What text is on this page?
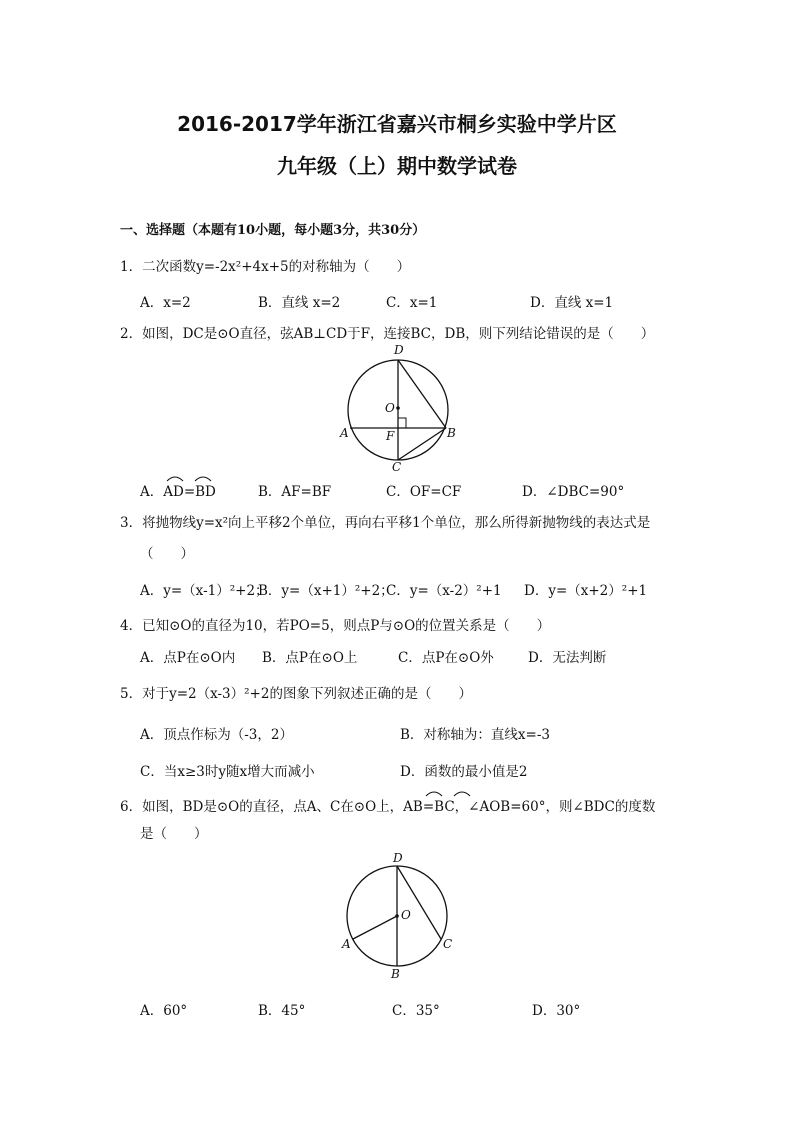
2016-2017学年浙江省嘉兴市桐乡实验中学片区
九年级（上）期中数学试卷
一、选择题（本题有10小题，每小题3分，共30分）
1．二次函数y=-2x²+4x+5的对称轴为（　　）
A．x=2	B．直线 x=2	C．x=1	D．直线 x=1
2．如图，DC是⊙O直径，弦AB⊥CD于F，连接BC，DB，则下列结论错误的是（　　）
D
O
A	F	B
C
A．AD=BD	B．AF=BF	C．OF=CF	D．∠DBC=90°
3．将抛物线y=x²向上平移2个单位，再向右平移1个单位，那么所得新抛物线的表达式是
（　　）
A．y=（x-1）²+2；
B．y=（x+1）²+2；
C．y=（x-2）²+1 D．y=（x+2）²+1
4．已知⊙O的直径为10，若PO=5，则点P与⊙O的位置关系是（　　）
A．点P在⊙O内 B．点P在⊙O上	C．点P在⊙O外	D．无法判断
5．对于y=2（x-3）²+2的图象下列叙述正确的是（　　）
A．顶点作标为（-3，2）	B．对称轴为：直线x=-3
C．当x≥3时y随x增大而减小	D．函数的最小值是2
6．如图，BD是⊙O的直径，点A、C在⊙O上，AB=BC，∠AOB=60°，则∠BDC的度数
是（　　）
D
O
A	C
B
A．60°	B．45°	C．35°	D．30°
